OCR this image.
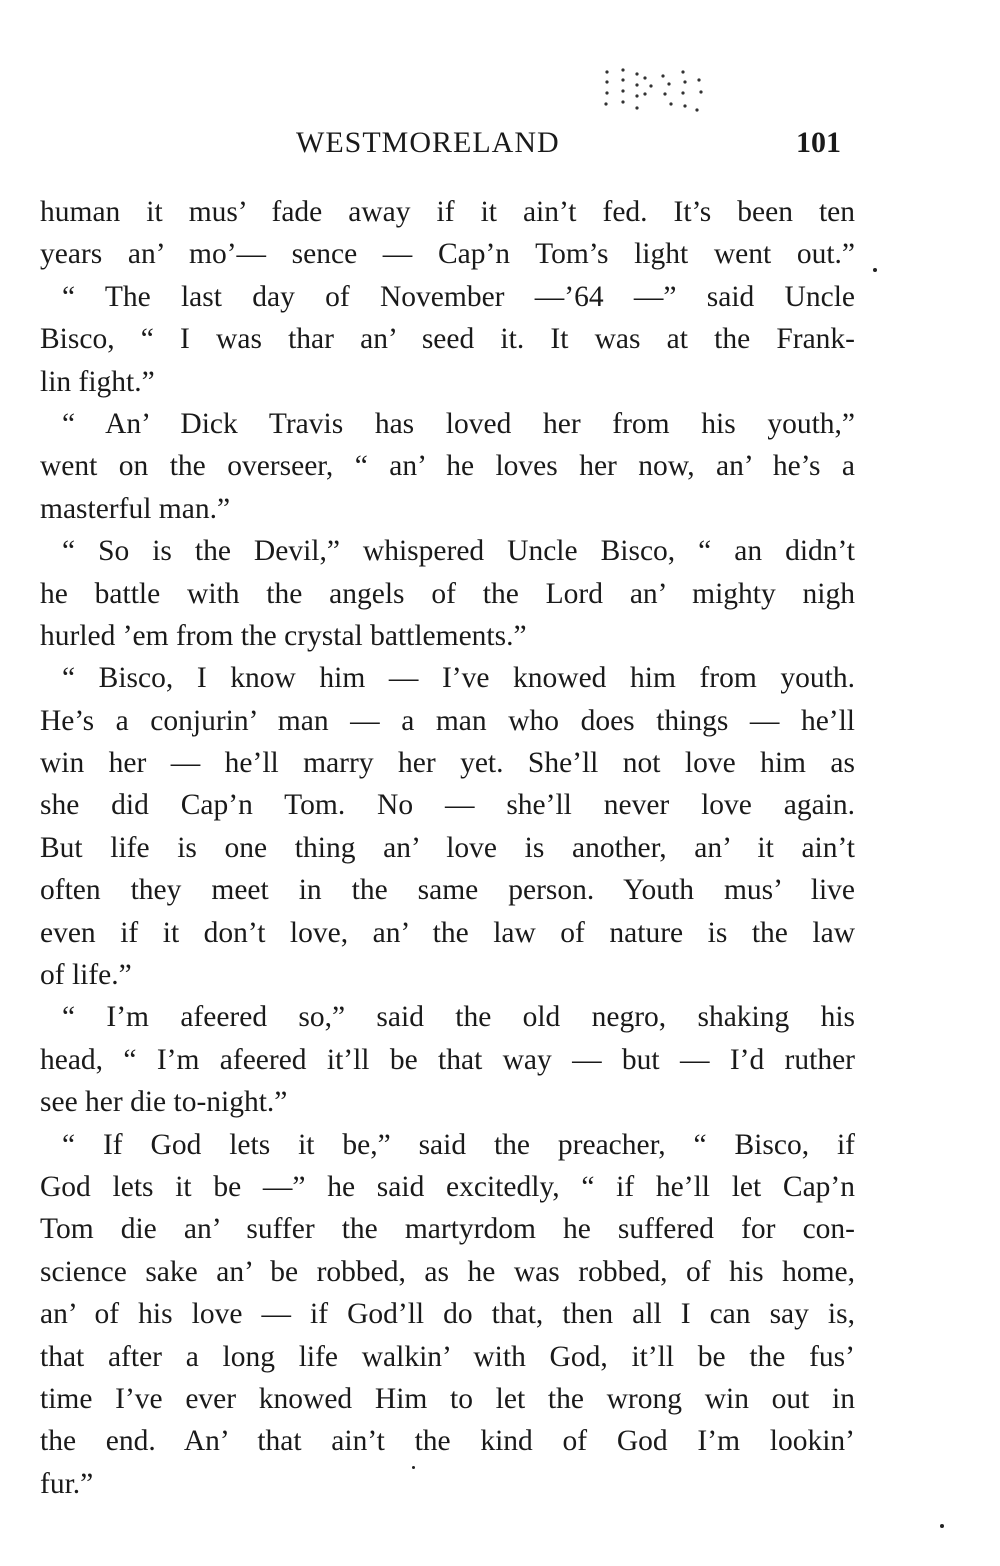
WESTMORELAND	101
human it mus’ fade away if it ain’t fed. It’s been ten
years an’ mo’— sence — Cap’n Tom’s light went out.”
“ The last day of November —’64 —” said Uncle
Bisco, “ I was thar an’ seed it. It was at the Frank-
lin fight.”
“ An’ Dick Travis has loved her from his youth,”
went on the overseer, “ an’ he loves her now, an’ he’s a
masterful man.”
“ So is the Devil,” whispered Uncle Bisco, “ an didn’t
he battle with the angels of the Lord an’ mighty nigh
hurled ’em from the crystal battlements.”
“ Bisco, I know him — I’ve knowed him from youth.
He’s a conjurin’ man — a man who does things — he’ll
win her — he’ll marry her yet. She’ll not love him as
she did Cap’n Tom. No — she’ll never love again.
But life is one thing an’ love is another, an’ it ain’t
often they meet in the same person. Youth mus’ live
even if it don’t love, an’ the law of nature is the law
of life.”
“ I’m afeered so,” said the old negro, shaking his
head, “ I’m afeered it’ll be that way — but — I’d ruther
see her die to-night.”
“ If God lets it be,” said the preacher, “ Bisco, if
God lets it be —” he said excitedly, “ if he’ll let Cap’n
Tom die an’ suffer the martyrdom he suffered for con-
science sake an’ be robbed, as he was robbed, of his home,
an’ of his love — if God’ll do that, then all I can say is,
that after a long life walkin’ with God, it’ll be the fus’
time I’ve ever knowed Him to let the wrong win out in
the end. An’ that ain’t the kind of God I’m lookin’
fur.”
